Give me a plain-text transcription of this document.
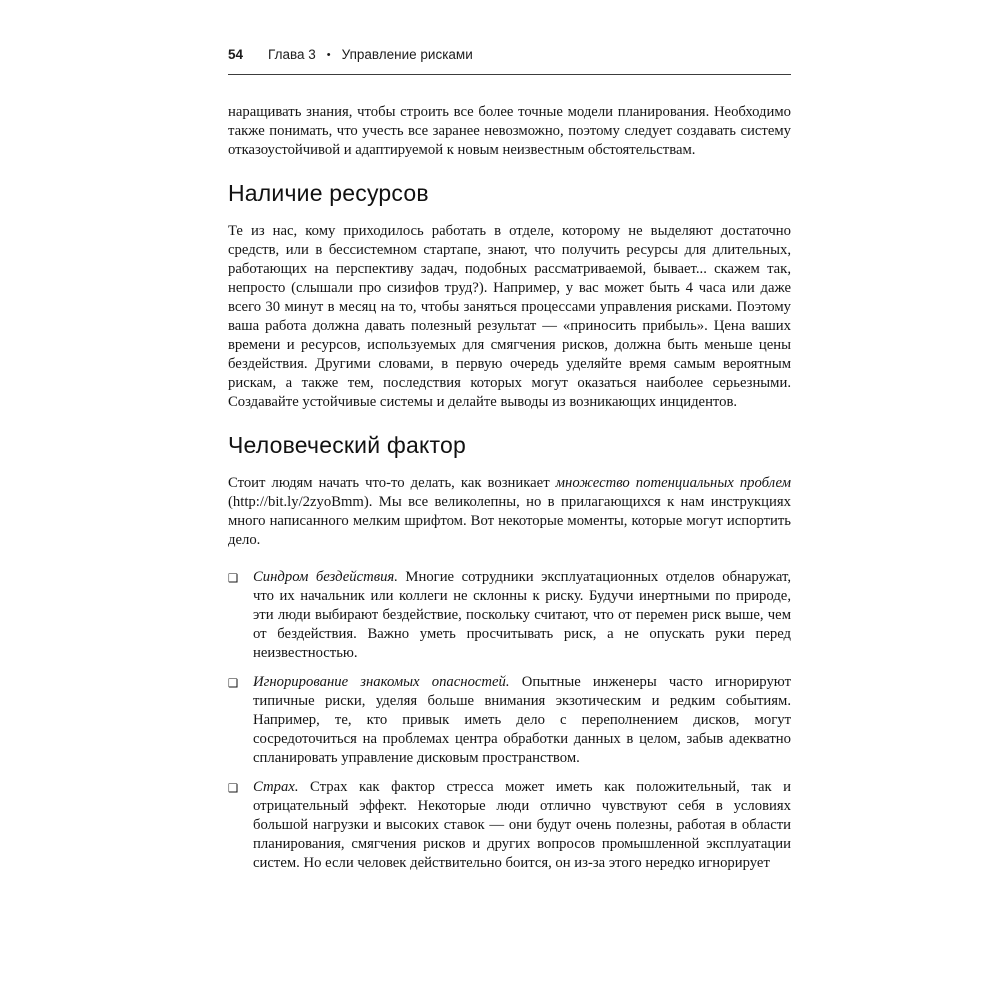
54 Глава 3 • Управление рисками

наращивать знания, чтобы строить все более точные модели планирования. Необходимо также понимать, что учесть все заранее невозможно, поэтому следует создавать систему отказоустойчивой и адаптируемой к новым неизвестным обстоятельствам.

Наличие ресурсов

Те из нас, кому приходилось работать в отделе, которому не выделяют достаточно средств, или в бессистемном стартапе, знают, что получить ресурсы для длительных, работающих на перспективу задач, подобных рассматриваемой, бывает... скажем так, непросто (слышали про сизифов труд?). Например, у вас может быть 4 часа или даже всего 30 минут в месяц на то, чтобы заняться процессами управления рисками. Поэтому ваша работа должна давать полезный результат — «приносить прибыль». Цена ваших времени и ресурсов, используемых для смягчения рисков, должна быть меньше цены бездействия. Другими словами, в первую очередь уделяйте время самым вероятным рискам, а также тем, последствия которых могут оказаться наиболее серьезными. Создавайте устойчивые системы и делайте выводы из возникающих инцидентов.

Человеческий фактор

Стоит людям начать что-то делать, как возникает множество потенциальных проблем (http://bit.ly/2zyoBmm). Мы все великолепны, но в прилагающихся к нам инструкциях много написанного мелким шрифтом. Вот некоторые моменты, которые могут испортить дело.

❑ Синдром бездействия. Многие сотрудники эксплуатационных отделов обнаружат, что их начальник или коллеги не склонны к риску. Будучи инертными по природе, эти люди выбирают бездействие, поскольку считают, что от перемен риск выше, чем от бездействия. Важно уметь просчитывать риск, а не опускать руки перед неизвестностью.
❑ Игнорирование знакомых опасностей. Опытные инженеры часто игнорируют типичные риски, уделяя больше внимания экзотическим и редким событиям. Например, те, кто привык иметь дело с переполнением дисков, могут сосредоточиться на проблемах центра обработки данных в целом, забыв адекватно спланировать управление дисковым пространством.
❑ Страх. Страх как фактор стресса может иметь как положительный, так и отрицательный эффект. Некоторые люди отлично чувствуют себя в условиях большой нагрузки и высоких ставок — они будут очень полезны, работая в области планирования, смягчения рисков и других вопросов промышленной эксплуатации систем. Но если человек действительно боится, он из-за этого нередко игнорирует
